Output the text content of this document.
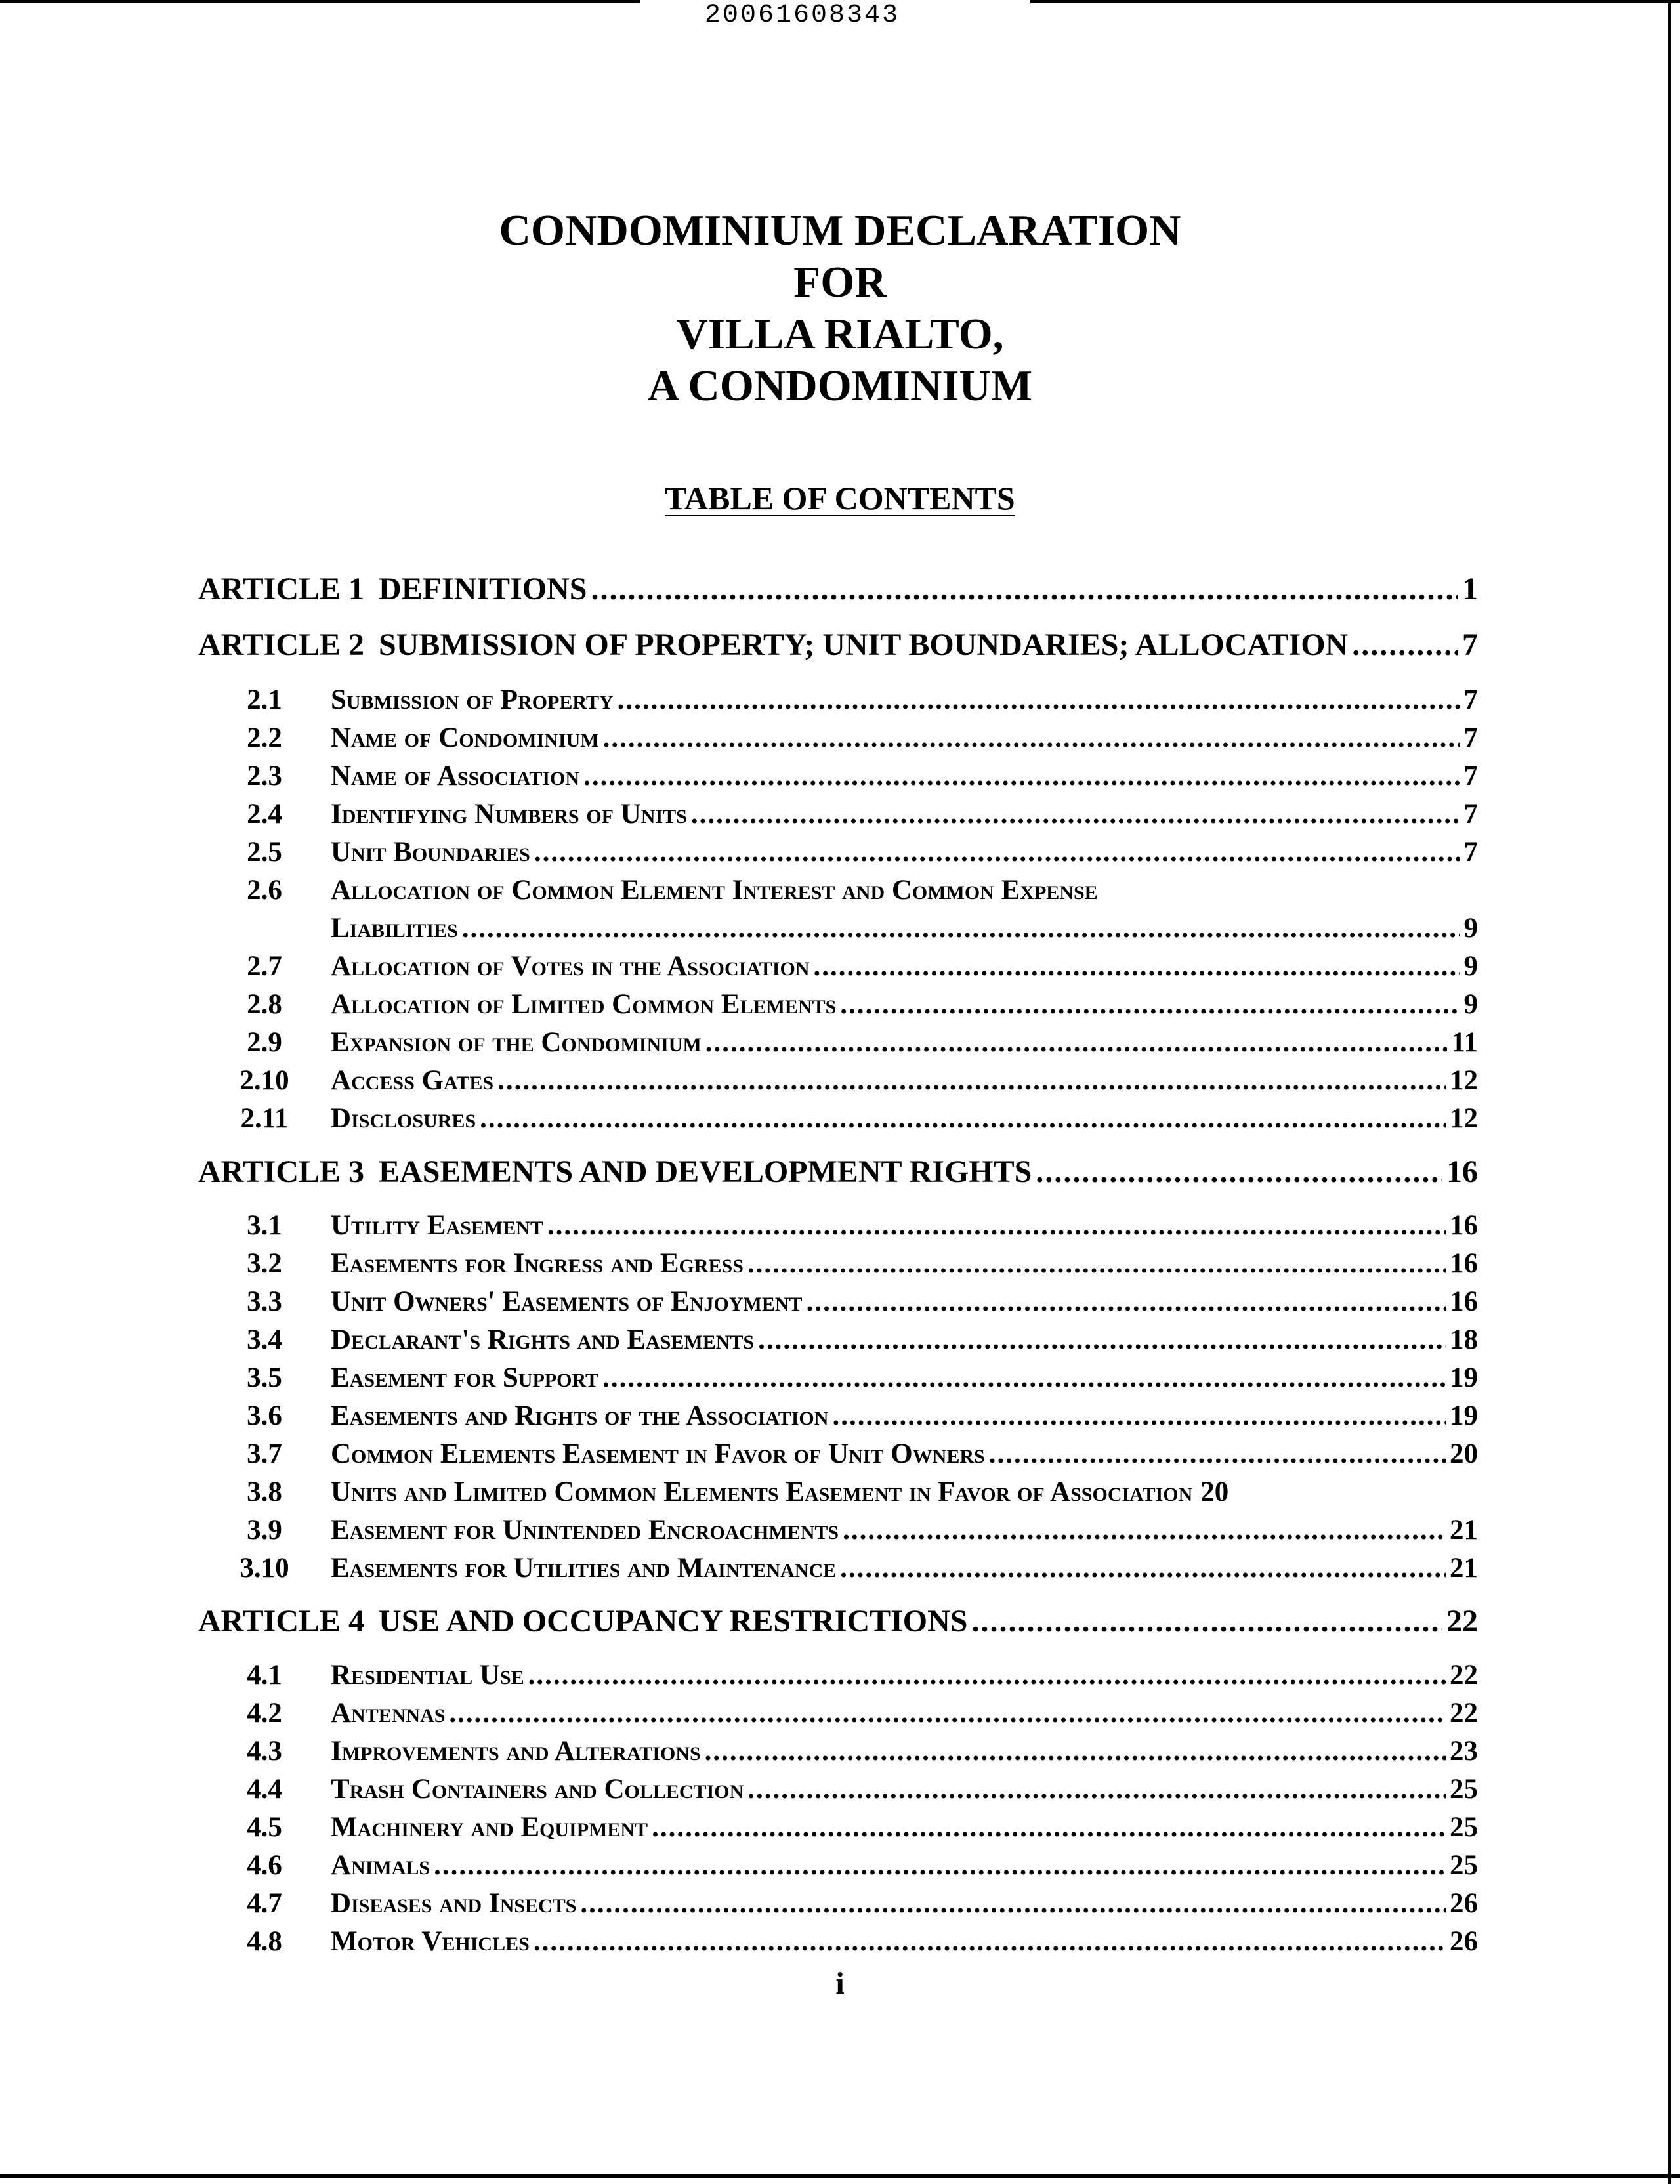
20061608343
CONDOMINIUM DECLARATION
FOR
VILLA RIALTO,
A CONDOMINIUM
TABLE OF CONTENTS
ARTICLE 1 DEFINITIONS .....	1
ARTICLE 2 SUBMISSION OF PROPERTY; UNIT BOUNDARIES; ALLOCATION .....	7
2.1	Submission of Property .....	7
2.2	Name of Condominium .....	7
2.3	Name of Association .....	7
2.4	Identifying Numbers of Units .....	7
2.5	Unit Boundaries .....	7
2.6	Allocation of Common Element Interest and Common Expense
Liabilities .....	9
2.7	Allocation of Votes in the Association .....	9
2.8	Allocation of Limited Common Elements .....	9
2.9	Expansion of the Condominium .....	11
2.10	Access Gates .....	12
2.11	Disclosures .....	12
ARTICLE 3 EASEMENTS AND DEVELOPMENT RIGHTS .....	16
3.1	Utility Easement .....	16
3.2	Easements for Ingress and Egress .....	16
3.3	Unit Owners' Easements of Enjoyment .....	16
3.4	Declarant's Rights and Easements .....	18
3.5	Easement for Support .....	19
3.6	Easements and Rights of the Association .....	19
3.7	Common Elements Easement in Favor of Unit Owners .....	20
3.8	Units and Limited Common Elements Easement in Favor of Association 20
3.9	Easement for Unintended Encroachments .....	21
3.10	Easements for Utilities and Maintenance .....	21
ARTICLE 4 USE AND OCCUPANCY RESTRICTIONS .....	22
4.1	Residential Use .....	22
4.2	Antennas .....	22
4.3	Improvements and Alterations .....	23
4.4	Trash Containers and Collection .....	25
4.5	Machinery and Equipment .....	25
4.6	Animals .....	25
4.7	Diseases and Insects .....	26
4.8	Motor Vehicles .....	26
i
